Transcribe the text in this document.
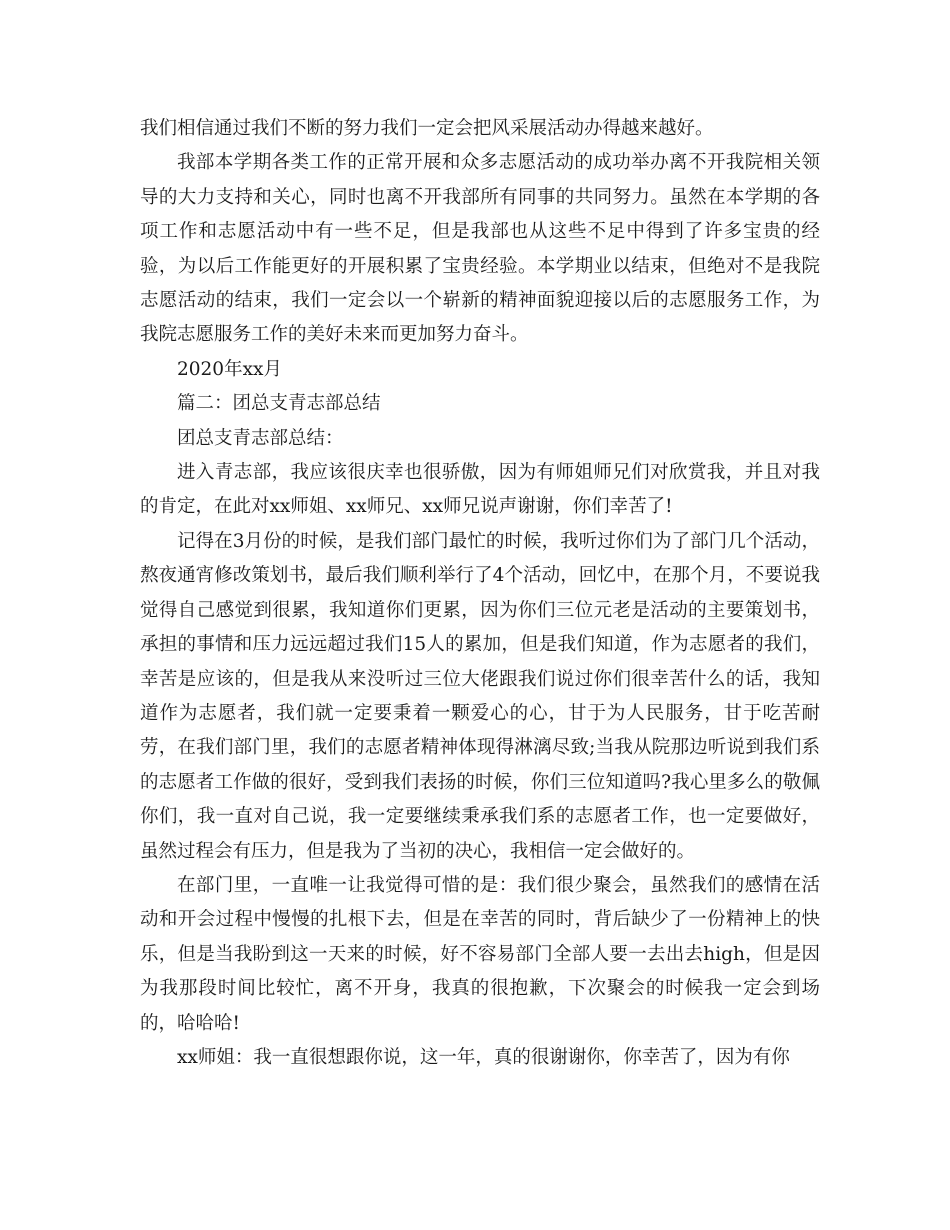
我们相信通过我们不断的努力我们一定会把风采展活动办得越来越好。

我部本学期各类工作的正常开展和众多志愿活动的成功举办离不开我院相关领导的大力支持和关心，同时也离不开我部所有同事的共同努力。虽然在本学期的各项工作和志愿活动中有一些不足，但是我部也从这些不足中得到了许多宝贵的经验，为以后工作能更好的开展积累了宝贵经验。本学期业以结束，但绝对不是我院志愿活动的结束，我们一定会以一个崭新的精神面貌迎接以后的志愿服务工作，为我院志愿服务工作的美好未来而更加努力奋斗。

2020年xx月

篇二：团总支青志部总结

团总支青志部总结：

进入青志部，我应该很庆幸也很骄傲，因为有师姐师兄们对欣赏我，并且对我的肯定，在此对xx师姐、xx师兄、xx师兄说声谢谢，你们幸苦了!

记得在3月份的时候，是我们部门最忙的时候，我听过你们为了部门几个活动，熬夜通宵修改策划书，最后我们顺利举行了4个活动，回忆中，在那个月，不要说我觉得自己感觉到很累，我知道你们更累，因为你们三位元老是活动的主要策划书，承担的事情和压力远远超过我们15人的累加，但是我们知道，作为志愿者的我们，幸苦是应该的，但是我从来没听过三位大佬跟我们说过你们很幸苦什么的话，我知道作为志愿者，我们就一定要秉着一颗爱心的心，甘于为人民服务，甘于吃苦耐劳，在我们部门里，我们的志愿者精神体现得淋漓尽致;当我从院那边听说到我们系的志愿者工作做的很好，受到我们表扬的时候，你们三位知道吗?我心里多么的敬佩你们，我一直对自己说，我一定要继续秉承我们系的志愿者工作，也一定要做好，虽然过程会有压力，但是我为了当初的决心，我相信一定会做好的。

在部门里，一直唯一让我觉得可惜的是：我们很少聚会，虽然我们的感情在活动和开会过程中慢慢的扎根下去，但是在幸苦的同时，背后缺少了一份精神上的快乐，但是当我盼到这一天来的时候，好不容易部门全部人要一去出去high，但是因为我那段时间比较忙，离不开身，我真的很抱歉，下次聚会的时候我一定会到场的，哈哈哈!

xx师姐：我一直很想跟你说，这一年，真的很谢谢你，你幸苦了，因为有你
